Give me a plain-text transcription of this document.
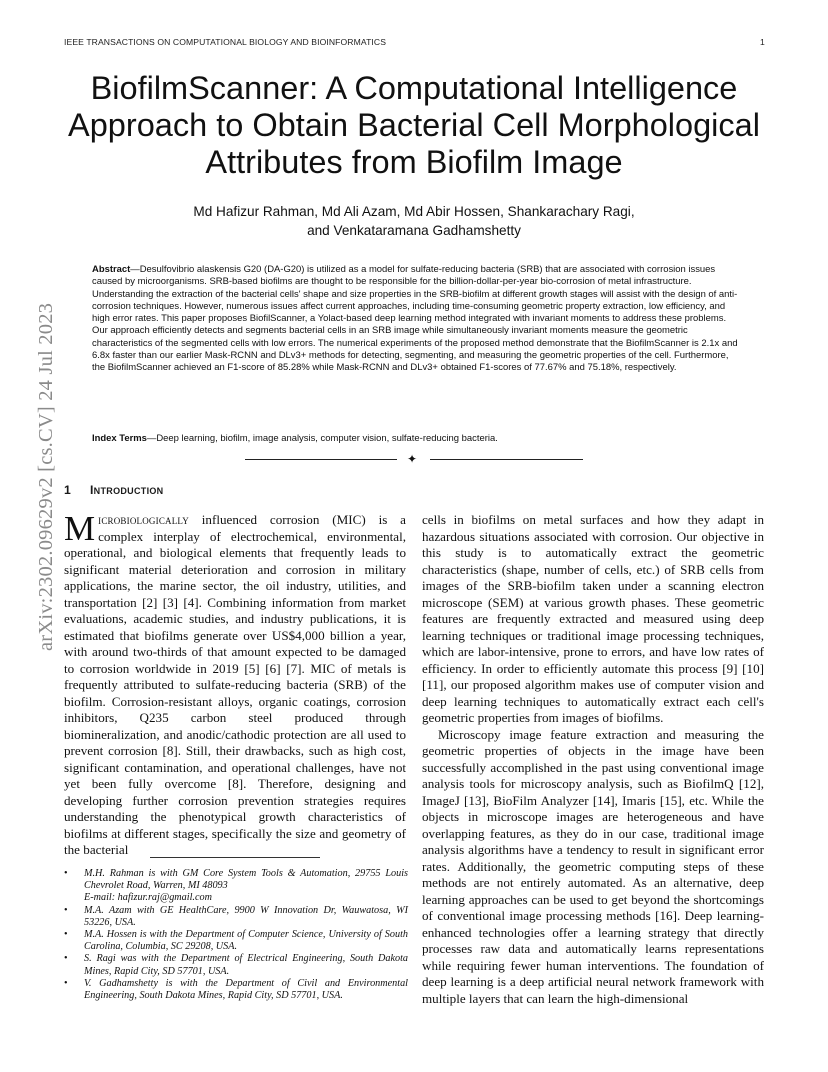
IEEE TRANSACTIONS ON COMPUTATIONAL BIOLOGY AND BIOINFORMATICS	1
arXiv:2302.09629v2 [cs.CV] 24 Jul 2023
BiofilmScanner: A Computational Intelligence Approach to Obtain Bacterial Cell Morphological Attributes from Biofilm Image
Md Hafizur Rahman, Md Ali Azam, Md Abir Hossen, Shankarachary Ragi,
and Venkataramana Gadhamshetty
Abstract—Desulfovibrio alaskensis G20 (DA-G20) is utilized as a model for sulfate-reducing bacteria (SRB) that are associated with corrosion issues caused by microorganisms. SRB-based biofilms are thought to be responsible for the billion-dollar-per-year bio-corrosion of metal infrastructure. Understanding the extraction of the bacterial cells' shape and size properties in the SRB-biofilm at different growth stages will assist with the design of anti-corrosion techniques. However, numerous issues affect current approaches, including time-consuming geometric property extraction, low efficiency, and high error rates. This paper proposes BiofilScanner, a Yolact-based deep learning method integrated with invariant moments to address these problems. Our approach efficiently detects and segments bacterial cells in an SRB image while simultaneously invariant moments measure the geometric characteristics of the segmented cells with low errors. The numerical experiments of the proposed method demonstrate that the BiofilmScanner is 2.1x and 6.8x faster than our earlier Mask-RCNN and DLv3+ methods for detecting, segmenting, and measuring the geometric properties of the cell. Furthermore, the BiofilmScanner achieved an F1-score of 85.28% while Mask-RCNN and DLv3+ obtained F1-scores of 77.67% and 75.18%, respectively.
Index Terms—Deep learning, biofilm, image analysis, computer vision, sulfate-reducing bacteria.
✦
1 Introduction

Microbiologically influenced corrosion (MIC) is a complex interplay of electrochemical, environmental, operational, and biological elements that frequently leads to significant material deterioration and corrosion in military applications, the marine sector, the oil industry, utilities, and transportation [2] [3] [4]. Combining information from market evaluations, academic studies, and industry publications, it is estimated that biofilms generate over US$4,000 billion a year, with around two-thirds of that amount expected to be damaged to corrosion worldwide in 2019 [5] [6] [7]. MIC of metals is frequently attributed to sulfate-reducing bacteria (SRB) of the biofilm. Corrosion-resistant alloys, organic coatings, corrosion inhibitors, Q235 carbon steel produced through biomineralization, and anodic/cathodic protection are all used to prevent corrosion [8]. Still, their drawbacks, such as high cost, significant contamination, and operational challenges, have not yet been fully overcome [8]. Therefore, designing and developing further corrosion prevention strategies requires understanding the phenotypical growth characteristics of biofilms at different stages, specifically the size and geometry of the bacterial

cells in biofilms on metal surfaces and how they adapt in hazardous situations associated with corrosion. Our objective in this study is to automatically extract the geometric characteristics (shape, number of cells, etc.) of SRB cells from images of the SRB-biofilm taken under a scanning electron microscope (SEM) at various growth phases. These geometric features are frequently extracted and measured using deep learning techniques or traditional image processing techniques, which are labor-intensive, prone to errors, and have low rates of efficiency. In order to efficiently automate this process [9] [10] [11], our proposed algorithm makes use of computer vision and deep learning techniques to automatically extract each cell's geometric properties from images of biofilms.

Microscopy image feature extraction and measuring the geometric properties of objects in the image have been successfully accomplished in the past using conventional image analysis tools for microscopy analysis, such as BiofilmQ [12], ImageJ [13], BioFilm Analyzer [14], Imaris [15], etc. While the objects in microscope images are heterogeneous and have overlapping features, as they do in our case, traditional image analysis algorithms have a tendency to result in significant error rates. Additionally, the geometric computing steps of these methods are not entirely automated. As an alternative, deep learning approaches can be used to get beyond the shortcomings of conventional image processing methods [16]. Deep learning-enhanced technologies offer a learning strategy that directly processes raw data and automatically learns representations while requiring fewer human interventions. The foundation of deep learning is a deep artificial neural network framework with multiple layers that can learn the high-dimensional

• M.H. Rahman is with GM Core System Tools & Automation, 29755 Louis Chevrolet Road, Warren, MI 48093
E-mail: hafizur.raj@gmail.com
• M.A. Azam with GE HealthCare, 9900 W Innovation Dr, Wauwatosa, WI 53226, USA.
• M.A. Hossen is with the Department of Computer Science, University of South Carolina, Columbia, SC 29208, USA.
• S. Ragi was with the Department of Electrical Engineering, South Dakota Mines, Rapid City, SD 57701, USA.
• V. Gadhamshetty is with the Department of Civil and Environmental Engineering, South Dakota Mines, Rapid City, SD 57701, USA.
